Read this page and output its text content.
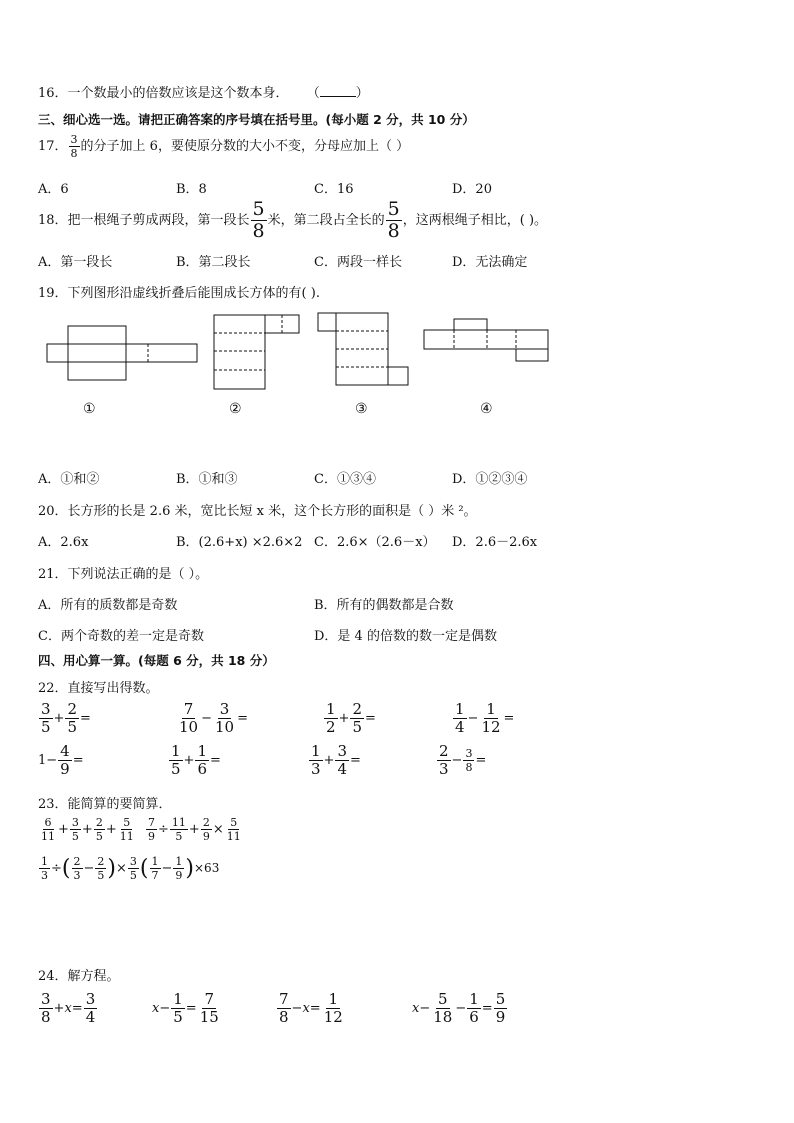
16．一个数最小的倍数应该是这个数本身． （	）
三、细心选一选。请把正确答案的序号填在括号里。(每小题 2 分，共 10 分）
17． $\frac{3}{8}$ 的分子加上 6，要使原分数的大小不变，分母应加上（ ）
A．6	B．8	C．16	D．20
18．把一根绳子剪成两段，第一段长 $\frac{5}{8}$ 米，第二段占全长的 $\frac{5}{8}$ ，这两根绳子相比，( )。
A．第一段长	B．第二段长	C．两段一样长	D．无法确定
19．下列图形沿虚线折叠后能围成长方体的有( ).
①	②	③	④
A．①和②	B．①和③	C．①③④	D．①②③④
20．长方形的长是 2.6 米，宽比长短 x 米，这个长方形的面积是（ ）米 ²。
A．2.6x	B．(2.6+x) ×2.6×2 C．2.6×（2.6－x） D．2.6－2.6x
21．下列说法正确的是（ ）。
A．所有的质数都是奇数	B．所有的偶数都是合数
C．两个奇数的差一定是奇数	D．是 4 的倍数的数一定是偶数
四、用心算一算。(每题 6 分，共 18 分）
22．直接写出得数。
$\frac{3}{5} + \frac{2}{5}$ =	$\frac{7}{10} - \frac{3}{10}$ =	$\frac{1}{2} + \frac{2}{5}$ =	$\frac{1}{4} - \frac{1}{12}$ =
$1- \frac{4}{9}$ =	$\frac{1}{5} + \frac{1}{6}$ =	$\frac{1}{3} + \frac{3}{4}$ =	$\frac{2}{3} - \frac{3}{8}$ =
23．能简算的要简算．
$\frac{6}{11} + \frac{3}{5} + \frac{2}{5} + \frac{5}{11} \frac{7}{9} \div \frac{11}{5} + \frac{2}{9} \times \frac{5}{11}$
$\frac{1}{3}$ ÷( $\frac{2}{3} - \frac{2}{5}$ )× $\frac{3}{5}$ ( $\frac{1}{7} - \frac{1}{9} )\times 63$
24．解方程。
$\frac{3}{8} +x= \frac{3}{4}$	$x- \frac{1}{5} = \frac{7}{15}$	$\frac{7}{8} -x= \frac{1}{12}$	$x- \frac{5}{18} - \frac{1}{6} = \frac{5}{9}$
